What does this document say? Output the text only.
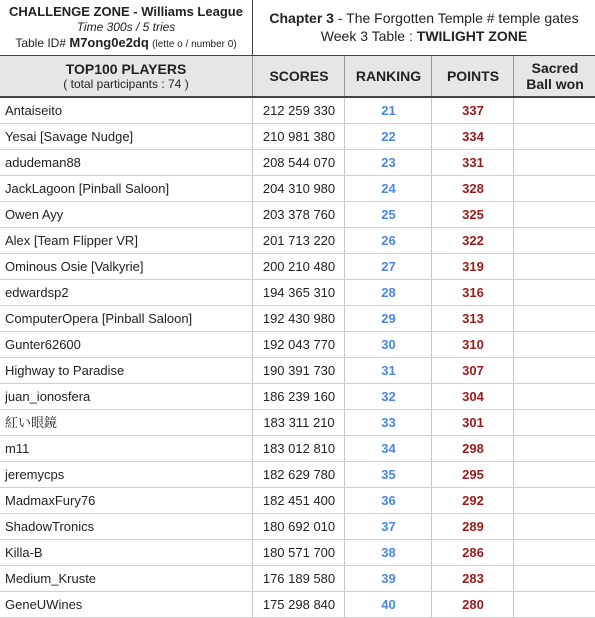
CHALLENGE ZONE - Williams League
Time 300s / 5 tries
Table ID# M7ong0e2dq (lette o / number 0)
Chapter 3 - The Forgotten Temple # temple gates
Week 3 Table : TWILIGHT ZONE
TOP100 PLAYERS
( total participants : 74 )	SCORES	RANKING	POINTS	Sacred
Ball won
Antaiseito	212 259 330	21	337
Yesai [Savage Nudge]	210 981 380	22	334
adudeman88	208 544 070	23	331
JackLagoon [Pinball Saloon]	204 310 980	24	328
Owen Ayy	203 378 760	25	325
Alex [Team Flipper VR]	201 713 220	26	322
Ominous Osie [Valkyrie]	200 210 480	27	319
edwardsp2	194 365 310	28	316
ComputerOpera [Pinball Saloon]	192 430 980	29	313
Gunter62600	192 043 770	30	310
Highway to Paradise	190 391 730	31	307
juan_ionosfera	186 239 160	32	304
紅い眼鏡	183 311 210	33	301
m11	183 012 810	34	298
jeremycps	182 629 780	35	295
MadmaxFury76	182 451 400	36	292
ShadowTronics	180 692 010	37	289
Killa-B	180 571 700	38	286
Medium_Kruste	176 189 580	39	283
GeneUWines	175 298 840	40	280
